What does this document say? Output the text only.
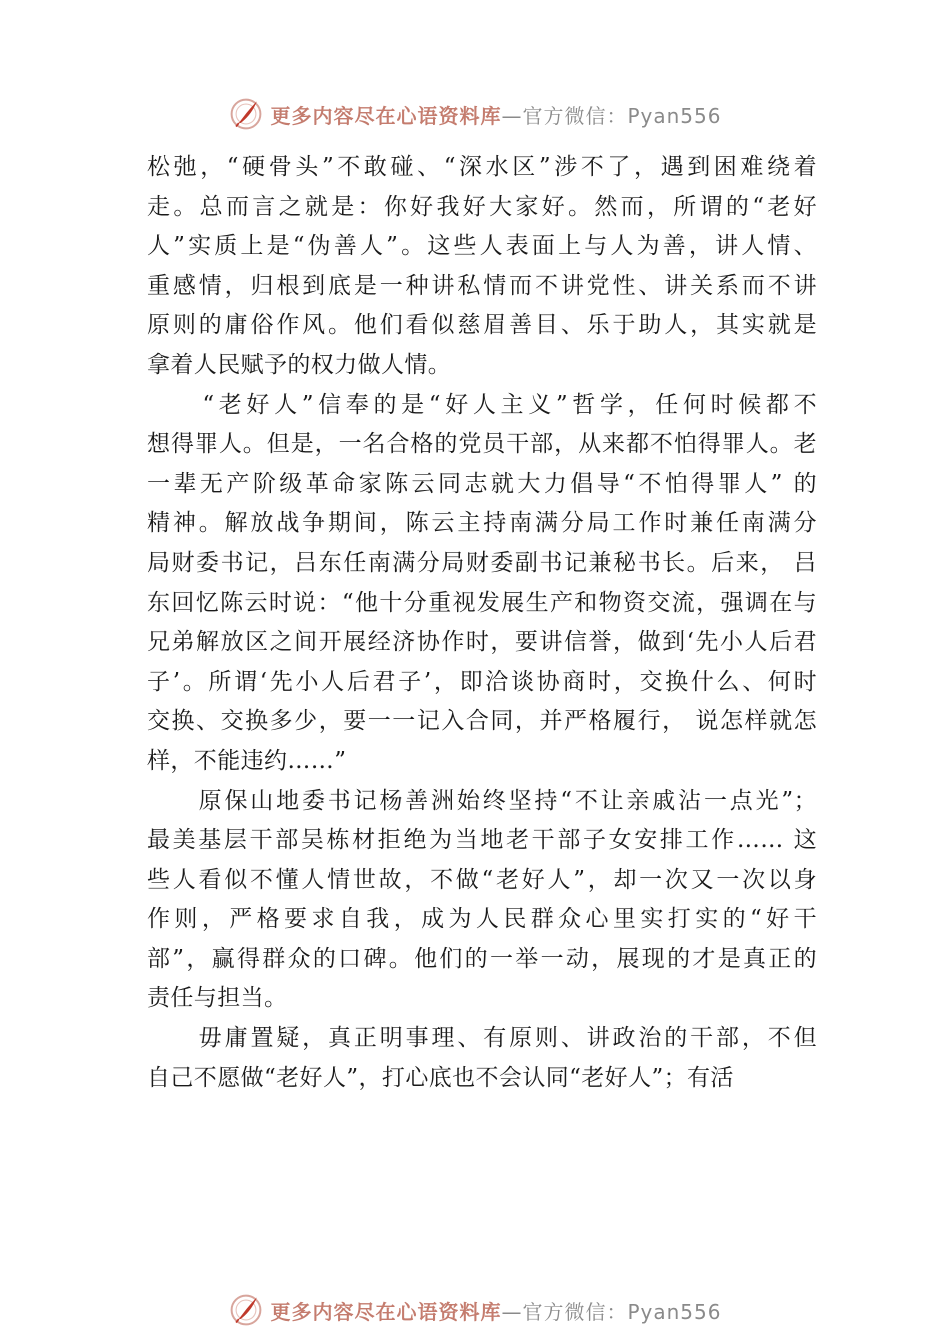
更多内容尽在心语资料库—官方微信：Pyan556
松弛，“硬骨头”不敢碰、“深水区”涉不了，遇到困难绕着
走。总而言之就是：你好我好大家好。然而，所谓的“老好
人”实质上是“伪善人”。这些人表面上与人为善，讲人情、
重感情，归根到底是一种讲私情而不讲党性、讲关系而不讲
原则的庸俗作风。他们看似慈眉善目、乐于助人，其实就是
拿着人民赋予的权力做人情。
　　“老好人”信奉的是“好人主义”哲学，任何时候都不
想得罪人。但是，一名合格的党员干部，从来都不怕得罪人。老
一辈无产阶级革命家陈云同志就大力倡导“不怕得罪人” 的
精神。解放战争期间，陈云主持南满分局工作时兼任南满分
局财委书记，吕东任南满分局财委副书记兼秘书长。后来， 吕
东回忆陈云时说：“他十分重视发展生产和物资交流，强调在与
兄弟解放区之间开展经济协作时，要讲信誉，做到‘先小人后君
子’。所谓‘先小人后君子’，即洽谈协商时，交换什么、何时
交换、交换多少，要一一记入合同，并严格履行， 说怎样就怎
样，不能违约……”
　　原保山地委书记杨善洲始终坚持“不让亲戚沾一点光”；
最美基层干部吴栋材拒绝为当地老干部子女安排工作…… 这
些人看似不懂人情世故，不做“老好人”，却一次又一次以身
作则，严格要求自我，成为人民群众心里实打实的“好干
部”，赢得群众的口碑。他们的一举一动，展现的才是真正的
责任与担当。
　　毋庸置疑，真正明事理、有原则、讲政治的干部，不但
自己不愿做“老好人”，打心底也不会认同“老好人”；有活
更多内容尽在心语资料库—官方微信：Pyan556
